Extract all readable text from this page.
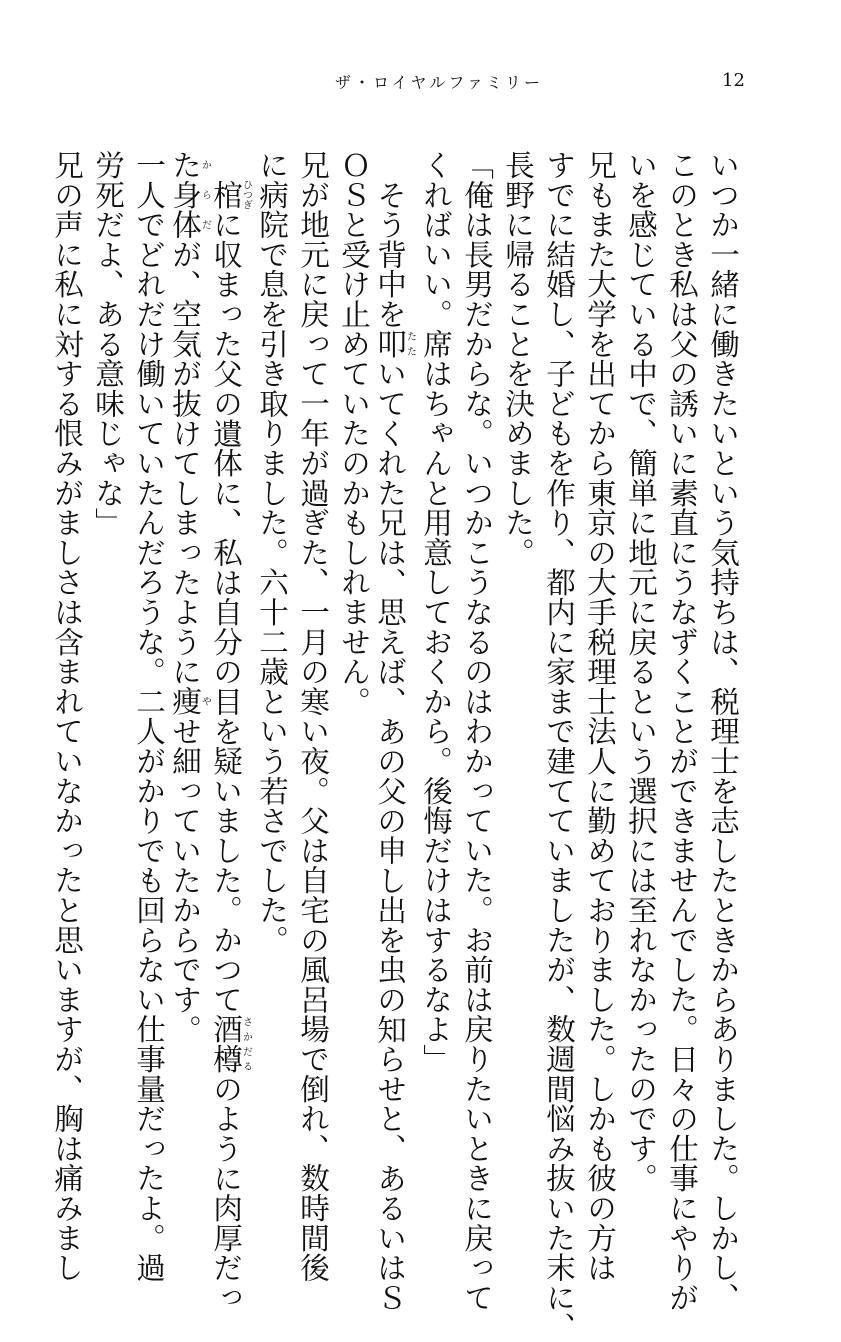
ザ・ロイヤルファミリー	12
いつか一緒に働きたいという気持ちは、税理士を志したときからありました。しかし、
このとき私は父の誘いに素直にうなずくことができませんでした。日々の仕事にやりが
いを感じている中で、簡単に地元に戻るという選択には至れなかったのです。
兄もまた大学を出てから東京の大手税理士法人に勤めておりました。しかも彼の方は
すでに結婚し、子どもを作り、都内に家まで建てていましたが、数週間悩み抜いた末に、
長野に帰ることを決めました。
「俺は長男だからな。いつかこうなるのはわかっていた。お前は戻りたいときに戻って
くればいい。席はちゃんと用意しておくから。後悔だけはするなよ」
　そう背中を叩たたいてくれた兄は、思えば、あの父の申し出を虫の知らせと、あるいはＳ
ＯＳと受け止めていたのかもしれません。
兄が地元に戻って一年が過ぎた、一月の寒い夜。父は自宅の風呂場で倒れ、数時間後
に病院で息を引き取りました。六十二歳という若さでした。
　棺ひつぎに収まった父の遺体に、私は自分の目を疑いました。かつて酒樽さかだるのように肉厚だっ
た身体からだが、空気が抜けてしまったように痩やせ細っていたからです。
一人でどれだけ働いていたんだろうな。二人がかりでも回らない仕事量だったよ。過
労死だよ、ある意味じゃな」
兄の声に私に対する恨みがましさは含まれていなかったと思いますが、胸は痛みまし
